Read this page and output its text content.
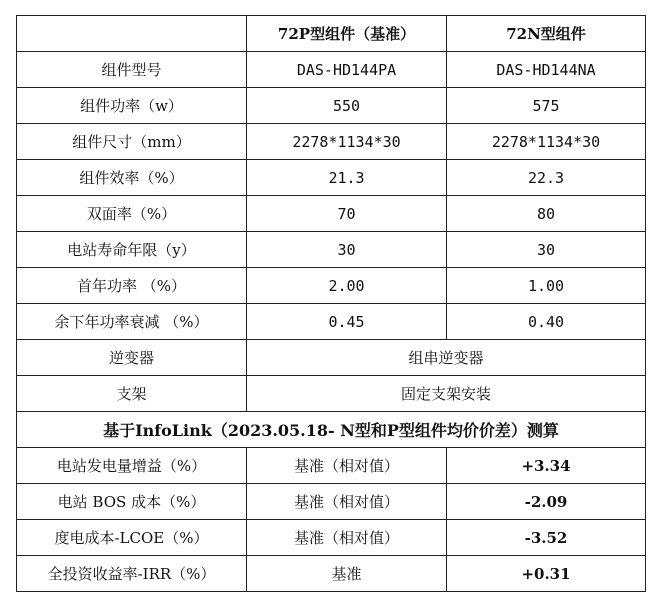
	72P型组件（基准）	72N型组件
组件型号	DAS-HD144PA	DAS-HD144NA
组件功率（w）	550	575
组件尺寸（mm）	2278*1134*30	2278*1134*30
组件效率（%）	21.3	22.3
双面率（%）	70	80
电站寿命年限（y）	30	30
首年功率 （%）	2.00	1.00
余下年功率衰减 （%）	0.45	0.40
逆变器	组串逆变器	
支架	固定支架安装	
基于InfoLink（2023.05.18- N型和P型组件均价价差）测算		
电站发电量增益（%）	基准（相对值）	+3.34
电站 BOS 成本（%）	基准（相对值）	-2.09
度电成本-LCOE（%）	基准（相对值）	-3.52
全投资收益率-IRR（%）	基准	+0.31
